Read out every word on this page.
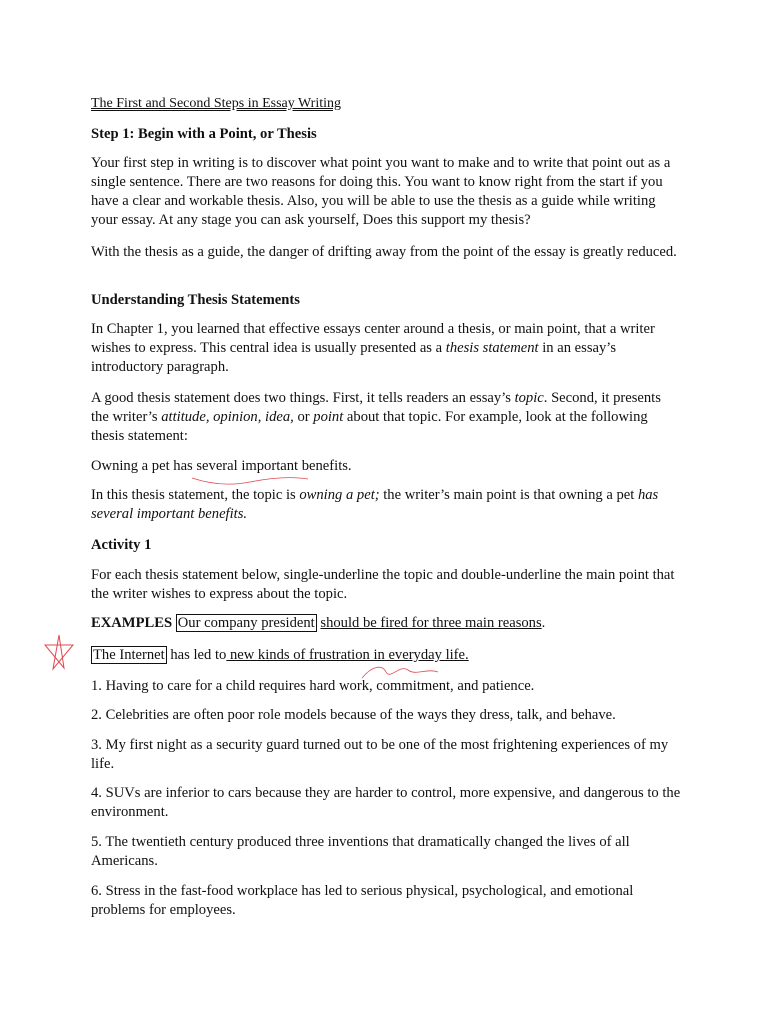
The First and Second Steps in Essay Writing
Step 1: Begin with a Point, or Thesis

Your first step in writing is to discover what point you want to make and to write that point out as a single sentence. There are two reasons for doing this. You want to know right from the start if you have a clear and workable thesis. Also, you will be able to use the thesis as a guide while writing your essay. At any stage you can ask yourself, Does this support my thesis?

With the thesis as a guide, the danger of drifting away from the point of the essay is greatly reduced.

Understanding Thesis Statements

In Chapter 1, you learned that effective essays center around a thesis, or main point, that a writer wishes to express. This central idea is usually presented as a thesis statement in an essay’s introductory paragraph.

A good thesis statement does two things. First, it tells readers an essay’s topic. Second, it presents the writer’s attitude, opinion, idea, or point about that topic. For example, look at the following thesis statement:

Owning a pet has several important benefits.

In this thesis statement, the topic is owning a pet; the writer’s main point is that owning a pet has several important benefits.

Activity 1

For each thesis statement below, single-underline the topic and double-underline the main point that the writer wishes to express about the topic.

EXAMPLES Our company president should be fired for three main reasons.

The Internet has led to new kinds of frustration in everyday life.

1. Having to care for a child requires hard work, commitment, and patience.

2. Celebrities are often poor role models because of the ways they dress, talk, and behave.

3. My first night as a security guard turned out to be one of the most frightening experiences of my life.

4. SUVs are inferior to cars because they are harder to control, more expensive, and dangerous to the environment.

5. The twentieth century produced three inventions that dramatically changed the lives of all Americans.

6. Stress in the fast-food workplace has led to serious physical, psychological, and emotional problems for employees.
